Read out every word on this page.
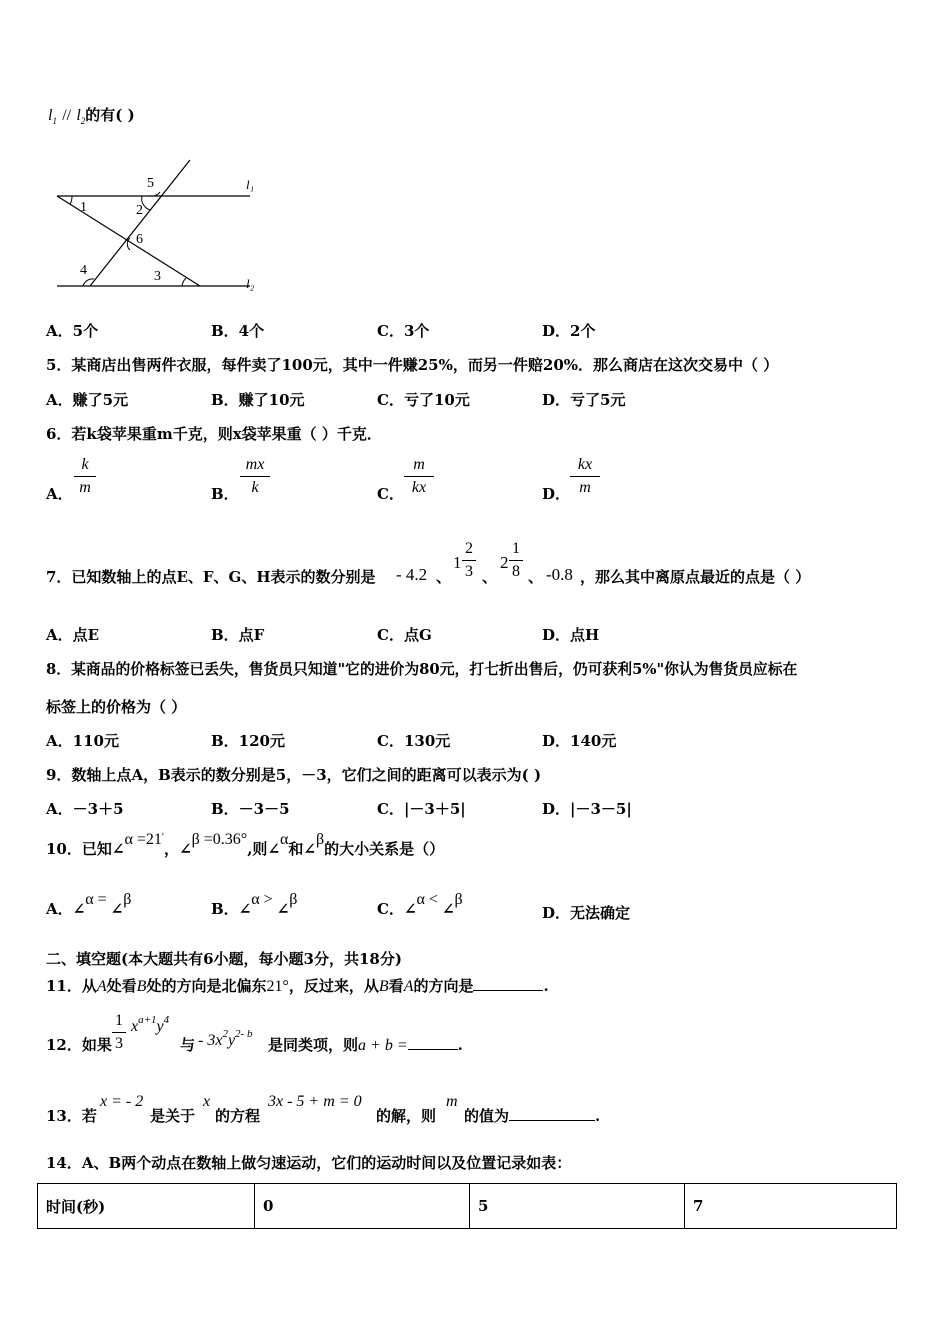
$l_1 // l_2$的有( )
1	2
3
4
5
6
l₁
l₂
A．5个	B．4个	C．3个	D．2个
5．某商店出售两件衣服，每件卖了100元，其中一件赚25%，而另一件赔20%．那么商店在这次交易中（ ）
A．赚了5元	B．赚了10元	C．亏了10元	D．亏了5元
6．若k袋苹果重m千克，则x袋苹果重（ ）千克．
A．
k
m	B．
mx
k	C．
m
kx	D．
kx
m
7．已知数轴上的点E、F、G、H表示的数分别是 - 4.2 、
1
2
3 、
2
1
8 、 -0.8 ，那么其中离原点最近的点是（ ）
A．点E	B．点F	C．点G	D．点H
8．某商品的价格标签已丢失，售货员只知道"它的进价为80元，打七折出售后，仍可获利5%"你认为售货员应标在
标签上的价格为（ ）
A．110元	B．120元	C．130元	D．140元
9．数轴上点A，B表示的数分别是5，－3，它们之间的距离可以表示为( )
A．－3＋5	B．－3－5	C．|－3＋5|	D．|－3－5|
10．已知∠α =21′，∠β =0.36°,则∠α和∠β的大小关系是（）
A．∠α = ∠β
B．∠α > ∠β
C．∠α < ∠β
D．无法确定
二、填空题(本大题共有6小题，每小题3分，共18分)
11．从A处看B处的方向是北偏东21°，反过来，从B看A的方向是	.
12．如果
1
3
$x^{a+1}y^4$
与 - $3x^2y^{2- b}$
是同类项，则a + b =	.
13．若
x = - 2
是关于
x
的方程
3x - 5 + m = 0
的解，则
m
的值为	.
14．A、B两个动点在数轴上做匀速运动，它们的运动时间以及位置记录如表：
时间(秒)	0	5	7
